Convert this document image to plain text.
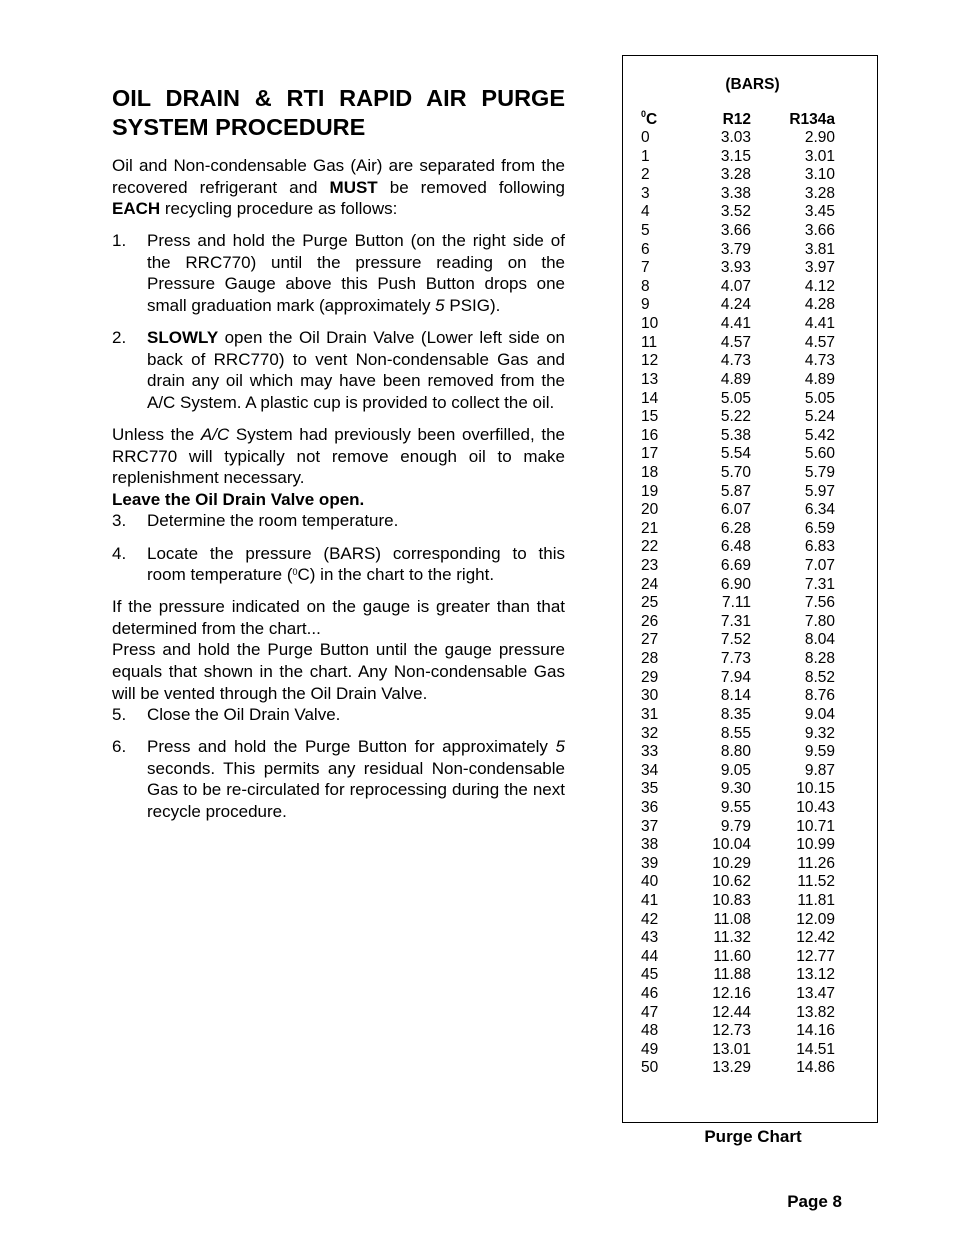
OIL DRAIN & RTI RAPID AIR PURGE SYSTEM PROCEDURE

Oil and Non-condensable Gas (Air) are separated from the recovered refrigerant and MUST be removed following EACH recycling procedure as follows:

1.	Press and hold the Purge Button (on the right side of the RRC770) until the pressure reading on the Pressure Gauge above this Push Button drops one small graduation mark (approximately 5 PSIG).
2.	SLOWLY open the Oil Drain Valve (Lower left side on back of RRC770) to vent Non-condensable Gas and drain any oil which may have been removed from the A/C System. A plastic cup is provided to collect the oil.

Unless the A/C System had previously been overfilled, the RRC770 will typically not remove enough oil to make replenishment necessary.

Leave the Oil Drain Valve open.

3.	Determine the room temperature.
4.	Locate the pressure (BARS) corresponding to this room temperature ($^0$C) in the chart to the right.

If the pressure indicated on the gauge is greater than that determined from the chart...

Press and hold the Purge Button until the gauge pressure equals that shown in the chart. Any Non-condensable Gas will be vented through the Oil Drain Valve.

5.	Close the Oil Drain Valve.
6.	Press and hold the Purge Button for approximately 5 seconds. This permits any residual Non-condensable Gas to be re-circulated for reprocessing during the next recycle procedure.
(BARS)
$^0$C	R12	R134a
0	3.03	2.90
1	3.15	3.01
2	3.28	3.10
3	3.38	3.28
4	3.52	3.45
5	3.66	3.66
6	3.79	3.81
7	3.93	3.97
8	4.07	4.12
9	4.24	4.28
10	4.41	4.41
11	4.57	4.57
12	4.73	4.73
13	4.89	4.89
14	5.05	5.05
15	5.22	5.24
16	5.38	5.42
17	5.54	5.60
18	5.70	5.79
19	5.87	5.97
20	6.07	6.34
21	6.28	6.59
22	6.48	6.83
23	6.69	7.07
24	6.90	7.31
25	7.11	7.56
26	7.31	7.80
27	7.52	8.04
28	7.73	8.28
29	7.94	8.52
30	8.14	8.76
31	8.35	9.04
32	8.55	9.32
33	8.80	9.59
34	9.05	9.87
35	9.30	10.15
36	9.55	10.43
37	9.79	10.71
38	10.04	10.99
39	10.29	11.26
40	10.62	11.52
41	10.83	11.81
42	11.08	12.09
43	11.32	12.42
44	11.60	12.77
45	11.88	13.12
46	12.16	13.47
47	12.44	13.82
48	12.73	14.16
49	13.01	14.51
50	13.29	14.86
Purge Chart
Page 8
